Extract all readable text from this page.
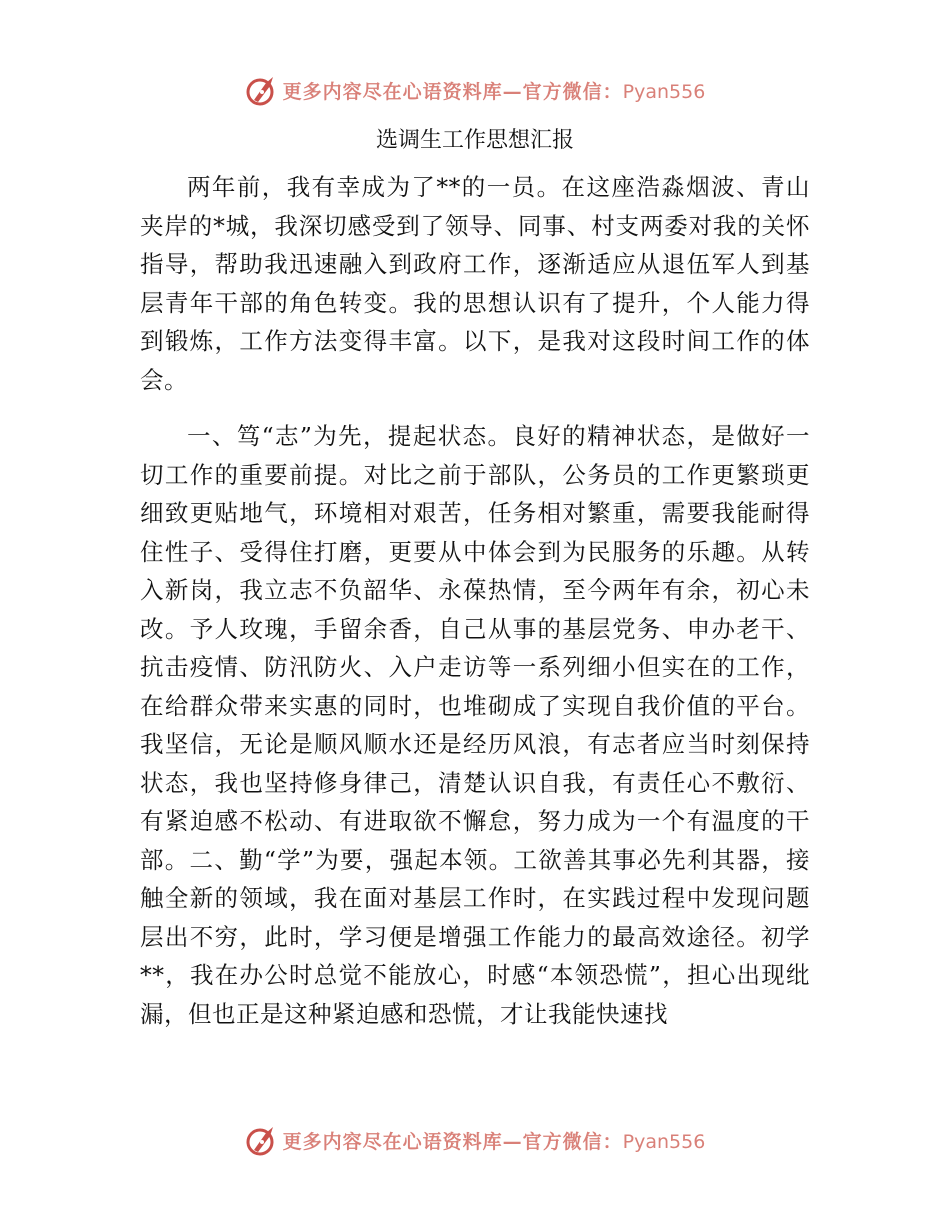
更多内容尽在心语资料库—官方微信：Pyan556
选调生工作思想汇报

两年前，我有幸成为了**的一员。在这座浩淼烟波、青山夹岸的*城，我深切感受到了领导、同事、村支两委对我的关怀指导，帮助我迅速融入到政府工作，逐渐适应从退伍军人到基层青年干部的角色转变。我的思想认识有了提升，个人能力得到锻炼，工作方法变得丰富。以下，是我对这段时间工作的体会。

一、笃“志”为先，提起状态。良好的精神状态，是做好一切工作的重要前提。对比之前于部队，公务员的工作更繁琐更细致更贴地气，环境相对艰苦，任务相对繁重，需要我能耐得住性子、受得住打磨，更要从中体会到为民服务的乐趣。从转入新岗，我立志不负韶华、永葆热情，至今两年有余，初心未改。予人玫瑰，手留余香，自己从事的基层党务、申办老干、抗击疫情、防汛防火、入户走访等一系列细小但实在的工作，在给群众带来实惠的同时，也堆砌成了实现自我价值的平台。我坚信，无论是顺风顺水还是经历风浪，有志者应当时刻保持状态，我也坚持修身律己，清楚认识自我，有责任心不敷衍、有紧迫感不松动、有进取欲不懈怠，努力成为一个有温度的干部。二、勤“学”为要，强起本领。工欲善其事必先利其器，接触全新的领域，我在面对基层工作时，在实践过程中发现问题层出不穷，此时，学习便是增强工作能力的最高效途径。初学**，我在办公时总觉不能放心，时感“本领恐慌”，担心出现纰漏，但也正是这种紧迫感和恐慌，才让我能快速找

更多内容尽在心语资料库—官方微信：Pyan556
